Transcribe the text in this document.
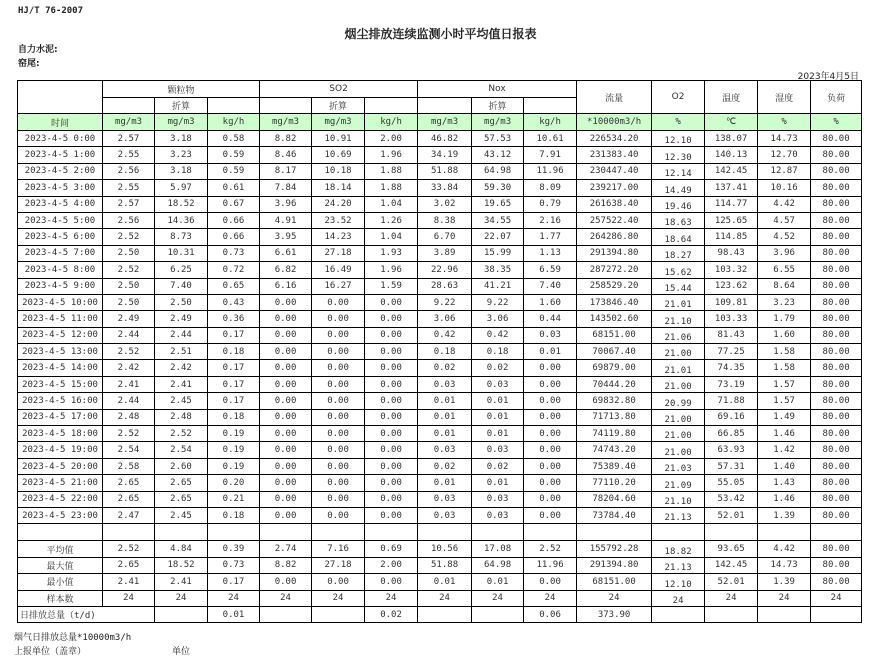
HJ/T 76-2007
烟尘排放连续监测小时平均值日报表
自力水泥:
窑尾:
2023年4月5日
	颗粒物			SO2			Nox			流量	O2	温度	湿度	负荷
		折算			折算			折算						
时间	mg/m3	mg/m3	kg/h	mg/m3	mg/m3	kg/h	mg/m3	mg/m3	kg/h	*10000m3/h	%	℃	%	%
2023-4-5 0:00	2.57	3.18	0.58	8.82	10.91	2.00	46.82	57.53	10.61	226534.20	12.10	138.07	14.73	80.00
2023-4-5 1:00	2.55	3.23	0.59	8.46	10.69	1.96	34.19	43.12	7.91	231383.40	12.30	140.13	12.70	80.00
2023-4-5 2:00	2.56	3.18	0.59	8.17	10.18	1.88	51.88	64.98	11.96	230447.40	12.14	142.45	12.87	80.00
2023-4-5 3:00	2.55	5.97	0.61	7.84	18.14	1.88	33.84	59.30	8.09	239217.00	14.49	137.41	10.16	80.00
2023-4-5 4:00	2.57	18.52	0.67	3.96	24.20	1.04	3.02	19.65	0.79	261638.40	19.46	114.77	4.42	80.00
2023-4-5 5:00	2.56	14.36	0.66	4.91	23.52	1.26	8.38	34.55	2.16	257522.40	18.63	125.65	4.57	80.00
2023-4-5 6:00	2.52	8.73	0.66	3.95	14.23	1.04	6.70	22.07	1.77	264286.80	18.64	114.85	4.52	80.00
2023-4-5 7:00	2.50	10.31	0.73	6.61	27.18	1.93	3.89	15.99	1.13	291394.80	18.27	98.43	3.96	80.00
2023-4-5 8:00	2.52	6.25	0.72	6.82	16.49	1.96	22.96	38.35	6.59	287272.20	15.62	103.32	6.55	80.00
2023-4-5 9:00	2.50	7.40	0.65	6.16	16.27	1.59	28.63	41.21	7.40	258529.20	15.44	123.62	8.64	80.00
2023-4-5 10:00	2.50	2.50	0.43	0.00	0.00	0.00	9.22	9.22	1.60	173846.40	21.01	109.81	3.23	80.00
2023-4-5 11:00	2.49	2.49	0.36	0.00	0.00	0.00	3.06	3.06	0.44	143502.60	21.10	103.33	1.79	80.00
2023-4-5 12:00	2.44	2.44	0.17	0.00	0.00	0.00	0.42	0.42	0.03	68151.00	21.06	81.43	1.60	80.00
2023-4-5 13:00	2.52	2.51	0.18	0.00	0.00	0.00	0.18	0.18	0.01	70067.40	21.00	77.25	1.58	80.00
2023-4-5 14:00	2.42	2.42	0.17	0.00	0.00	0.00	0.02	0.02	0.00	69879.00	21.01	74.35	1.58	80.00
2023-4-5 15:00	2.41	2.41	0.17	0.00	0.00	0.00	0.03	0.03	0.00	70444.20	21.00	73.19	1.57	80.00
2023-4-5 16:00	2.44	2.45	0.17	0.00	0.00	0.00	0.01	0.01	0.00	69832.80	20.99	71.88	1.57	80.00
2023-4-5 17:00	2.48	2.48	0.18	0.00	0.00	0.00	0.01	0.01	0.00	71713.80	21.00	69.16	1.49	80.00
2023-4-5 18:00	2.52	2.52	0.19	0.00	0.00	0.00	0.01	0.01	0.00	74119.80	21.00	66.85	1.46	80.00
2023-4-5 19:00	2.54	2.54	0.19	0.00	0.00	0.00	0.03	0.03	0.00	74743.20	21.00	63.93	1.42	80.00
2023-4-5 20:00	2.58	2.60	0.19	0.00	0.00	0.00	0.02	0.02	0.00	75389.40	21.03	57.31	1.40	80.00
2023-4-5 21:00	2.65	2.65	0.20	0.00	0.00	0.00	0.01	0.01	0.00	77110.20	21.09	55.05	1.43	80.00
2023-4-5 22:00	2.65	2.65	0.21	0.00	0.00	0.00	0.03	0.03	0.00	78204.60	21.10	53.42	1.46	80.00
2023-4-5 23:00	2.47	2.45	0.18	0.00	0.00	0.00	0.03	0.03	0.00	73784.40	21.13	52.01	1.39	80.00

平均值	2.52	4.84	0.39	2.74	7.16	0.69	10.56	17.08	2.52	155792.28	18.82	93.65	4.42	80.00
最大值	2.65	18.52	0.73	8.82	27.18	2.00	51.88	64.98	11.96	291394.80	21.13	142.45	14.73	80.00
最小值	2.41	2.41	0.17	0.00	0.00	0.00	0.01	0.01	0.00	68151.00	12.10	52.01	1.39	80.00
样本数	24	24	24	24	24	24	24	24	24	24	24	24	24	24
日排放总量（t/d)			0.01			0.02			0.06	373.90				
烟气日排放总量*10000m3/h
上报单位（盖章）	单位
